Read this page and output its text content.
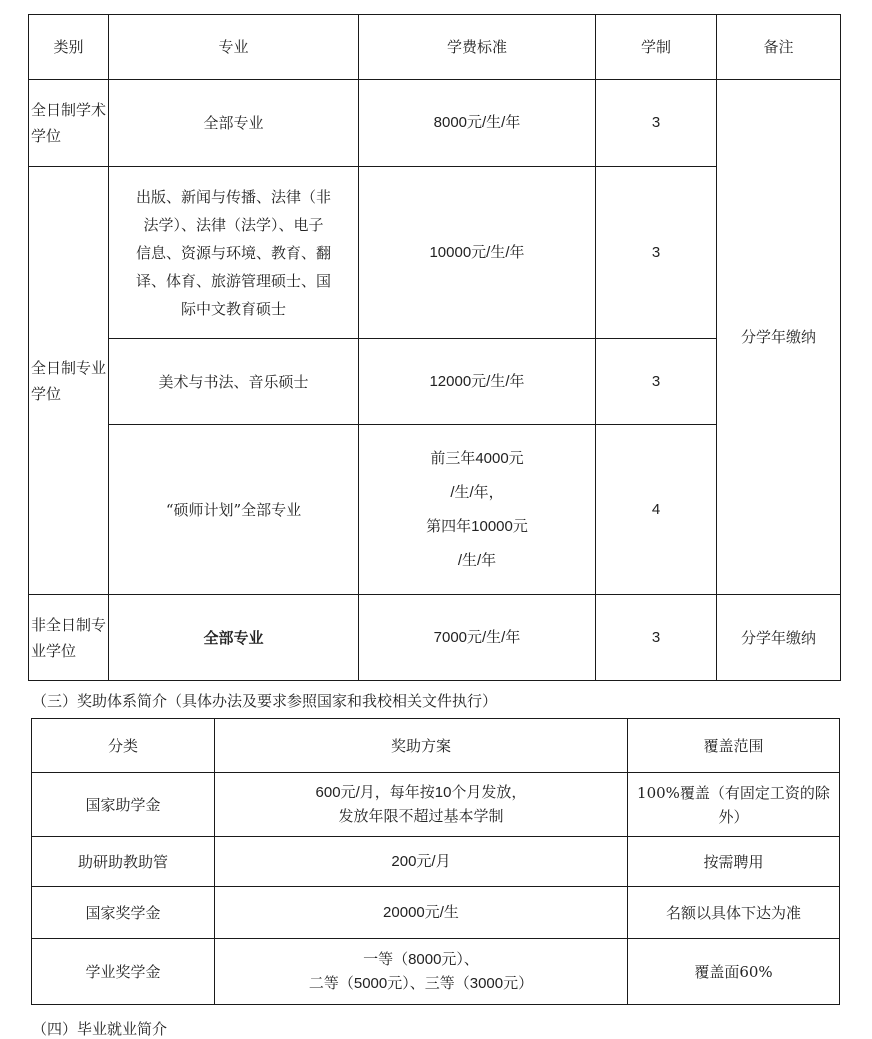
类别	专业	学费标准	学制	备注
全日制学术学位	全部专业	8000元/生/年	3	分学年缴纳
全日制专业学位	出版、新闻与传播、法律（非
法学）、法律（法学）、电子
信息、资源与环境、教育、翻
译、体育、旅游管理硕士、国
际中文教育硕士	10000元/生/年	3	
	美术与书法、音乐硕士	12000元/生/年	3	
	“硕师计划”全部专业	前三年4000元
/生/年，
第四年10000元
/生/年	4	
非全日制专业学位	全部专业	7000元/生/年	3	分学年缴纳
（三）奖助体系简介（具体办法及要求参照国家和我校相关文件执行）
分类	奖助方案	覆盖范围
国家助学金	600元/月，每年按10个月发放，
发放年限不超过基本学制	100%覆盖（有固定工资的除外）
助研助教助管	200元/月	按需聘用
国家奖学金	20000元/生	名额以具体下达为准
学业奖学金	一等（8000元）、
二等（5000元）、三等（3000元）	覆盖面60%
（四）毕业就业简介
